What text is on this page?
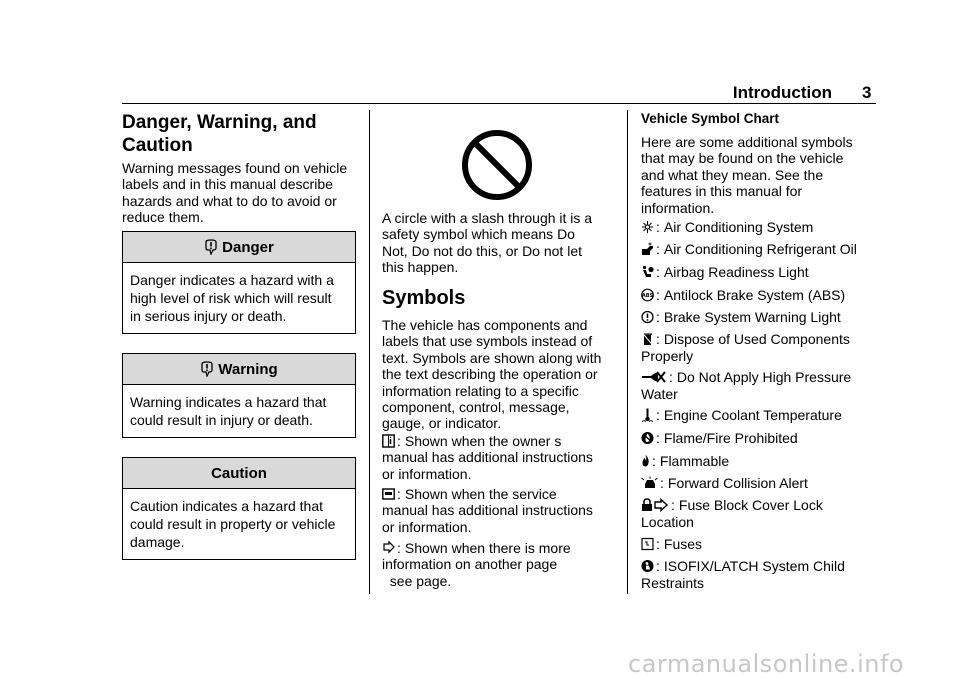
Introduction 3
Danger, Warning, and
Caution
Warning messages found on vehicle
labels and in this manual describe
hazards and what to do to avoid or
reduce them.
Danger
Danger indicates a hazard with a
high level of risk which will result
in serious injury or death.
Warning
Warning indicates a hazard that
could result in injury or death.
Caution
Caution indicates a hazard that
could result in property or vehicle
damage.
A circle with a slash through it is a
safety symbol which means Do
Not, Do not do this, or Do not let
this happen.
Symbols
The vehicle has components and
labels that use symbols instead of
text. Symbols are shown along with
the text describing the operation or
information relating to a specific
component, control, message,
gauge, or indicator.
: Shown when the owner s
manual has additional instructions
or information.
: Shown when the service
manual has additional instructions
or information.
: Shown when there is more
information on another page
see page.
Vehicle Symbol Chart
Here are some additional symbols
that may be found on the vehicle
and what they mean. See the
features in this manual for
information.
: Air Conditioning System
: Air Conditioning Refrigerant Oil
: Airbag Readiness Light
ABS : Antilock Brake System (ABS)
: Brake System Warning Light
: Dispose of Used Components
Properly
: Do Not Apply High Pressure
Water
: Engine Coolant Temperature
: Flame/Fire Prohibited
: Flammable
: Forward Collision Alert
: Fuse Block Cover Lock
Location
: Fuses
: ISOFIX/LATCH System Child
Restraints
carmanualsonline.info
